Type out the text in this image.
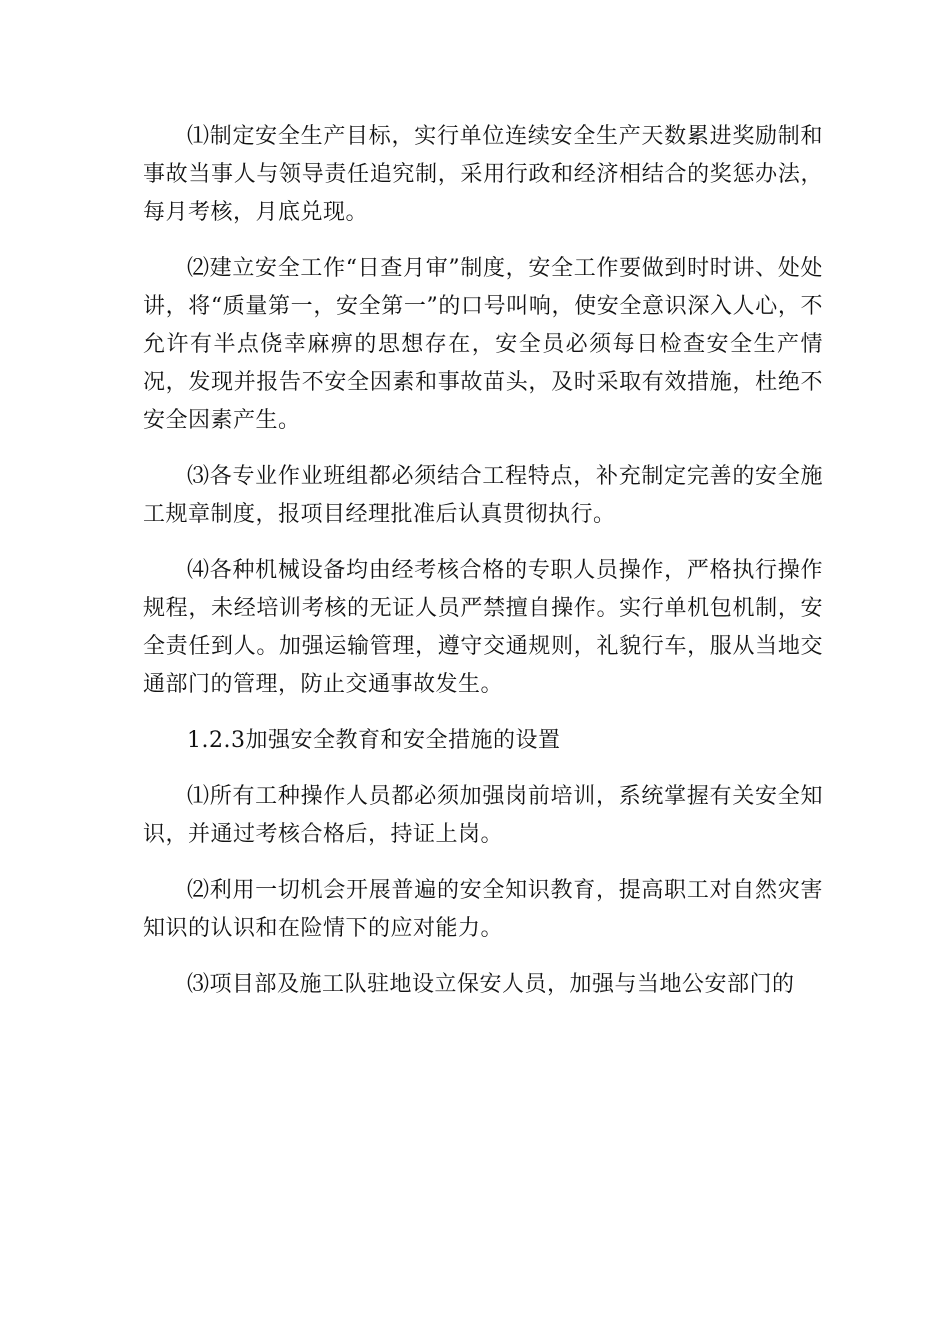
⑴制定安全生产目标，实行单位连续安全生产天数累进奖励制和事故当事人与领导责任追究制，采用行政和经济相结合的奖惩办法，每月考核，月底兑现。

⑵建立安全工作“日查月审”制度，安全工作要做到时时讲、处处讲，将“质量第一，安全第一”的口号叫响，使安全意识深入人心，不允许有半点侥幸麻痹的思想存在，安全员必须每日检查安全生产情况，发现并报告不安全因素和事故苗头，及时采取有效措施，杜绝不安全因素产生。

⑶各专业作业班组都必须结合工程特点，补充制定完善的安全施工规章制度，报项目经理批准后认真贯彻执行。

⑷各种机械设备均由经考核合格的专职人员操作，严格执行操作规程，未经培训考核的无证人员严禁擅自操作。实行单机包机制，安全责任到人。加强运输管理，遵守交通规则，礼貌行车，服从当地交通部门的管理，防止交通事故发生。

1.2.3加强安全教育和安全措施的设置

⑴所有工种操作人员都必须加强岗前培训，系统掌握有关安全知识，并通过考核合格后，持证上岗。

⑵利用一切机会开展普遍的安全知识教育，提高职工对自然灾害知识的认识和在险情下的应对能力。

⑶项目部及施工队驻地设立保安人员，加强与当地公安部门的
